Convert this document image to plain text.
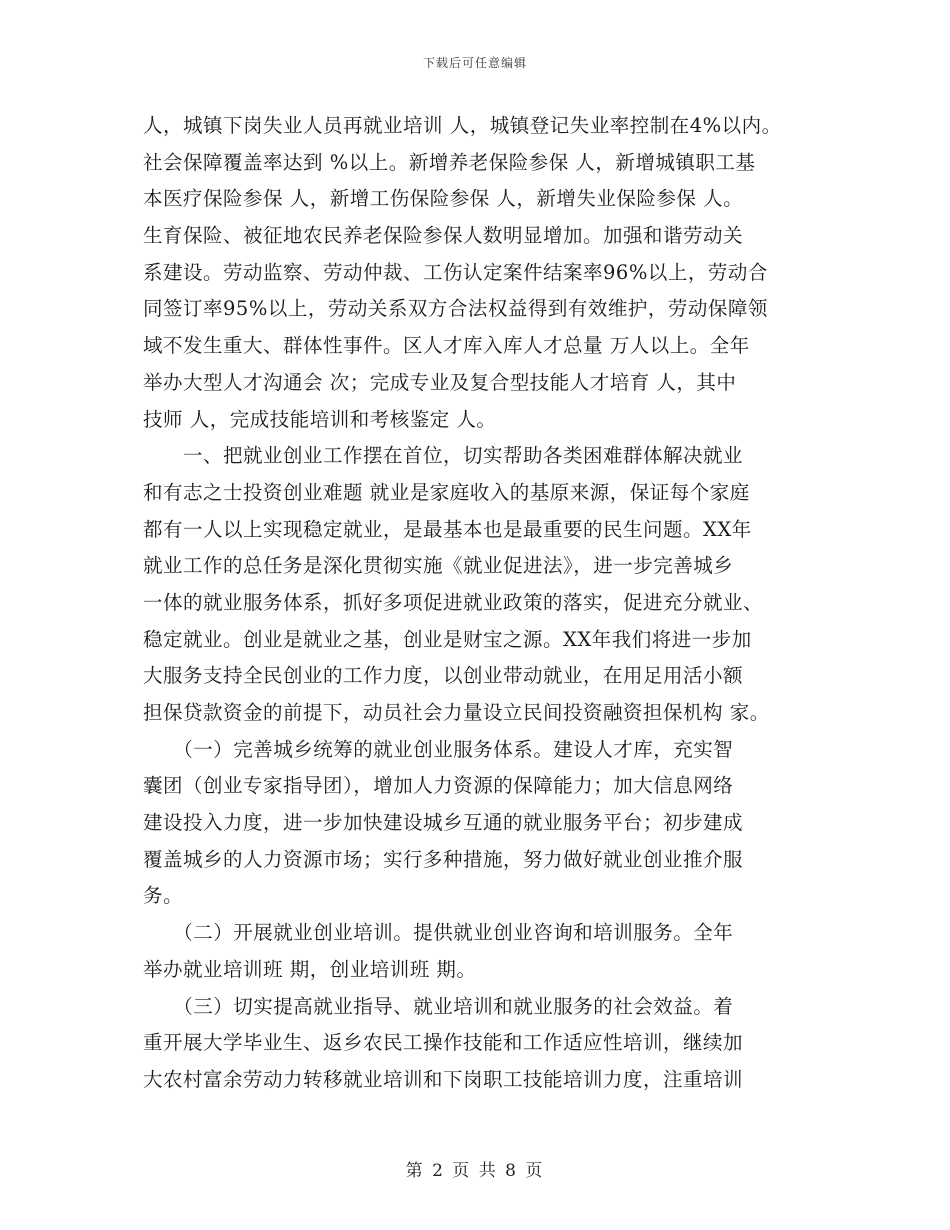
下载后可任意编辑
人，城镇下岗失业人员再就业培训 人，城镇登记失业率控制在4%以内。
社会保障覆盖率达到 %以上。新增养老保险参保 人，新增城镇职工基
本医疗保险参保 人，新增工伤保险参保 人，新增失业保险参保 人。
生育保险、被征地农民养老保险参保人数明显增加。加强和谐劳动关
系建设。劳动监察、劳动仲裁、工伤认定案件结案率96%以上，劳动合
同签订率95%以上，劳动关系双方合法权益得到有效维护，劳动保障领
域不发生重大、群体性事件。区人才库入库人才总量 万人以上。全年
举办大型人才沟通会 次；完成专业及复合型技能人才培育 人，其中
技师 人，完成技能培训和考核鉴定 人。
　　一、把就业创业工作摆在首位，切实帮助各类困难群体解决就业
和有志之士投资创业难题 就业是家庭收入的基原来源，保证每个家庭
都有一人以上实现稳定就业，是最基本也是最重要的民生问题。XX年
就业工作的总任务是深化贯彻实施《就业促进法》，进一步完善城乡
一体的就业服务体系，抓好多项促进就业政策的落实，促进充分就业、
稳定就业。创业是就业之基，创业是财宝之源。XX年我们将进一步加
大服务支持全民创业的工作力度，以创业带动就业，在用足用活小额
担保贷款资金的前提下，动员社会力量设立民间投资融资担保机构 家。
　　（一）完善城乡统筹的就业创业服务体系。建设人才库，充实智
囊团（创业专家指导团），增加人力资源的保障能力；加大信息网络
建设投入力度，进一步加快建设城乡互通的就业服务平台；初步建成
覆盖城乡的人力资源市场；实行多种措施，努力做好就业创业推介服
务。
　　（二）开展就业创业培训。提供就业创业咨询和培训服务。全年
举办就业培训班 期，创业培训班 期。
　　（三）切实提高就业指导、就业培训和就业服务的社会效益。着
重开展大学毕业生、返乡农民工操作技能和工作适应性培训，继续加
大农村富余劳动力转移就业培训和下岗职工技能培训力度，注重培训
第 2 页 共 8 页
